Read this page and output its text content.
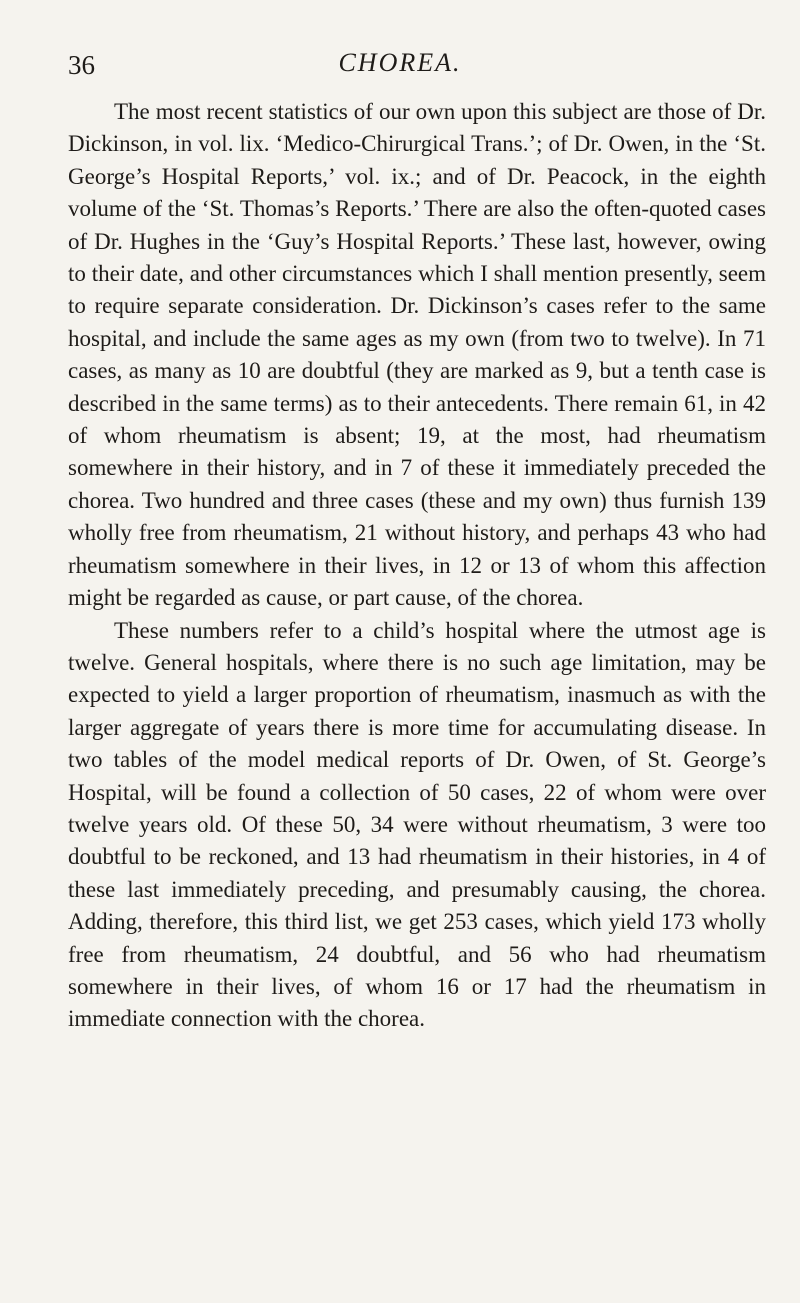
36	CHOREA.

The most recent statistics of our own upon this subject are those of Dr. Dickinson, in vol. lix. ‘Medico-Chirurgical Trans.’; of Dr. Owen, in the ‘St. George’s Hospital Reports,’ vol. ix.; and of Dr. Peacock, in the eighth volume of the ‘St. Thomas’s Reports.’ There are also the often-quoted cases of Dr. Hughes in the ‘Guy’s Hospital Reports.’ These last, however, owing to their date, and other circumstances which I shall mention presently, seem to require separate consideration. Dr. Dickinson’s cases refer to the same hospital, and include the same ages as my own (from two to twelve). In 71 cases, as many as 10 are doubtful (they are marked as 9, but a tenth case is described in the same terms) as to their antecedents. There remain 61, in 42 of whom rheumatism is absent; 19, at the most, had rheumatism somewhere in their history, and in 7 of these it immediately preceded the chorea. Two hundred and three cases (these and my own) thus furnish 139 wholly free from rheumatism, 21 without history, and perhaps 43 who had rheumatism somewhere in their lives, in 12 or 13 of whom this affection might be regarded as cause, or part cause, of the chorea.

These numbers refer to a child’s hospital where the utmost age is twelve. General hospitals, where there is no such age limitation, may be expected to yield a larger proportion of rheumatism, inasmuch as with the larger aggregate of years there is more time for accumulating disease. In two tables of the model medical reports of Dr. Owen, of St. George’s Hospital, will be found a collection of 50 cases, 22 of whom were over twelve years old. Of these 50, 34 were without rheumatism, 3 were too doubtful to be reckoned, and 13 had rheumatism in their histories, in 4 of these last immediately preceding, and presumably causing, the chorea. Adding, therefore, this third list, we get 253 cases, which yield 173 wholly free from rheumatism, 24 doubtful, and 56 who had rheumatism somewhere in their lives, of whom 16 or 17 had the rheumatism in immediate connection with the chorea.
